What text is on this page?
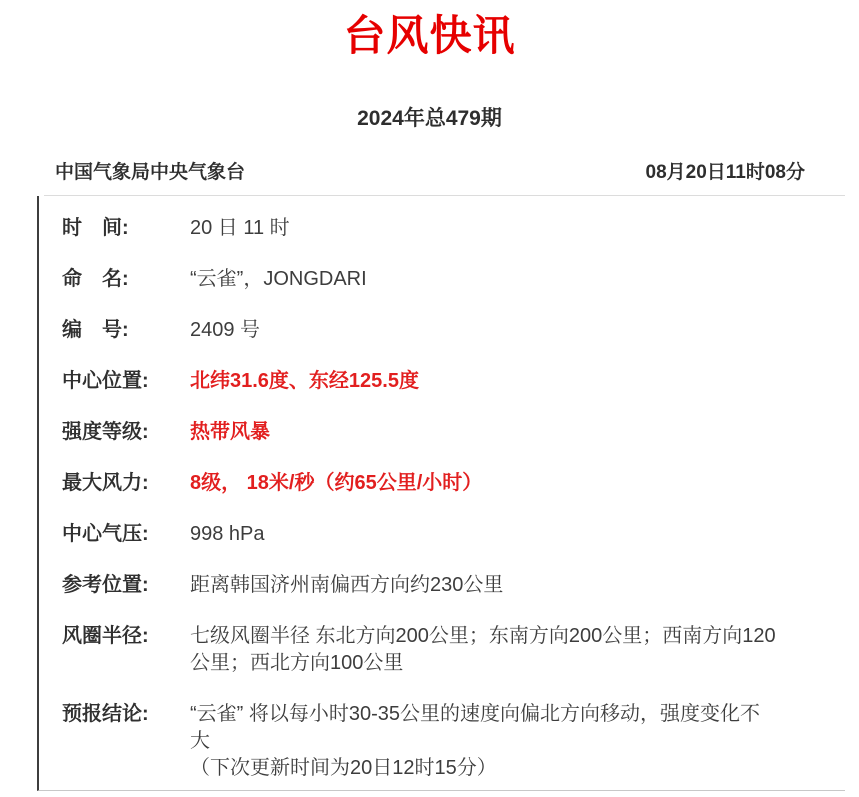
台风快讯
2024年总479期
中国气象局中央气象台	08月20日11时08分
时　间:	20 日 11 时
命　名:	“云雀”，JONGDARI
编　号:	2409 号
中心位置:	北纬31.6度、东经125.5度
强度等级:	热带风暴
最大风力:	8级， 18米/秒（约65公里/小时）
中心气压:	998 hPa
参考位置:	距离韩国济州南偏西方向约230公里
风圈半径:	七级风圈半径 东北方向200公里；东南方向200公里；西南方向120
公里；西北方向100公里
预报结论:	“云雀” 将以每小时30-35公里的速度向偏北方向移动，强度变化不
大
（下次更新时间为20日12时15分）
